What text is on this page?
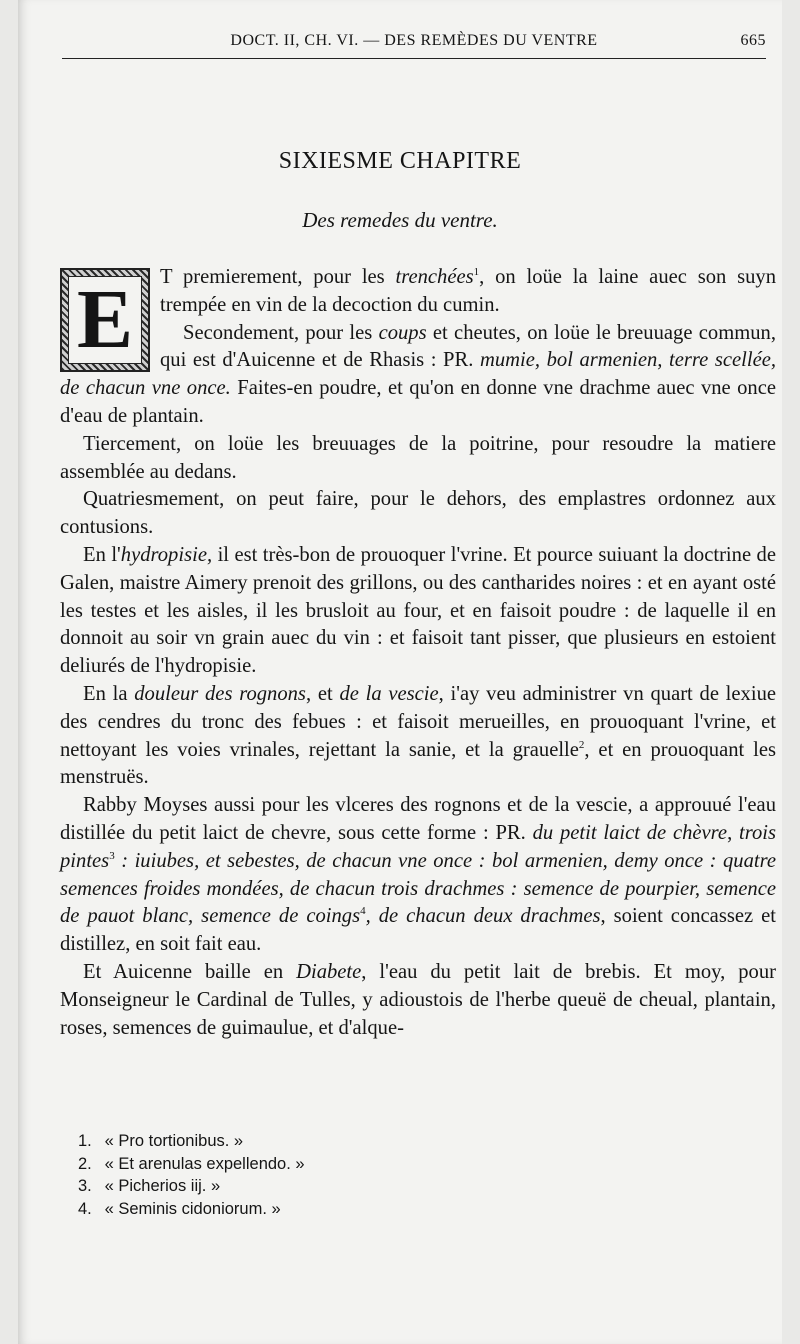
DOCT. II, CH. VI. — DES REMÈDES DU VENTRE	665
SIXIESME CHAPITRE
Des remedes du ventre.

E	T premierement, pour les trenchées$^1$, on loüe la laine auec son suyn trempée en vin de la decoction du cumin.

Secondement, pour les coups et cheutes, on loüe le breuuage commun, qui est d'Auicenne et de Rhasis : PR. mumie, bol armenien, terre scellée, de chacun vne once. Faites-en poudre, et qu'on en donne vne drachme auec vne once d'eau de plantain.

Tiercement, on loüe les breuuages de la poitrine, pour resoudre la matiere assemblée au dedans.

Quatriesmement, on peut faire, pour le dehors, des emplastres ordonnez aux contusions.

En l'hydropisie, il est très-bon de prouoquer l'vrine. Et pource suiuant la doctrine de Galen, maistre Aimery prenoit des grillons, ou des cantharides noires : et en ayant osté les testes et les aisles, il les brusloit au four, et en faisoit poudre : de laquelle il en donnoit au soir vn grain auec du vin : et faisoit tant pisser, que plusieurs en estoient deliurés de l'hydropisie.

En la douleur des rognons, et de la vescie, i'ay veu administrer vn quart de lexiue des cendres du tronc des febues : et faisoit merueilles, en prouoquant l'vrine, et nettoyant les voies vrinales, rejettant la sanie, et la grauelle$^2$, et en prouoquant les menstruës.

Rabby Moyses aussi pour les vlceres des rognons et de la vescie, a approuué l'eau distillée du petit laict de chevre, sous cette forme : PR. du petit laict de chèvre, trois pintes$^3$ : iuiubes, et sebestes, de chacun vne once : bol armenien, demy once : quatre semences froides mondées, de chacun trois drachmes : semence de pourpier, semence de pauot blanc, semence de coings$^4$, de chacun deux drachmes, soient concassez et distillez, en soit fait eau.

Et Auicenne baille en Diabete, l'eau du petit lait de brebis. Et moy, pour Monseigneur le Cardinal de Tulles, y adioustois de l'herbe queuë de cheual, plantain, roses, semences de guimaulue, et d'alque-

1. « Pro tortionibus. »
2. « Et arenulas expellendo. »
3. « Picherios iij. »
4. « Seminis cidoniorum. »
